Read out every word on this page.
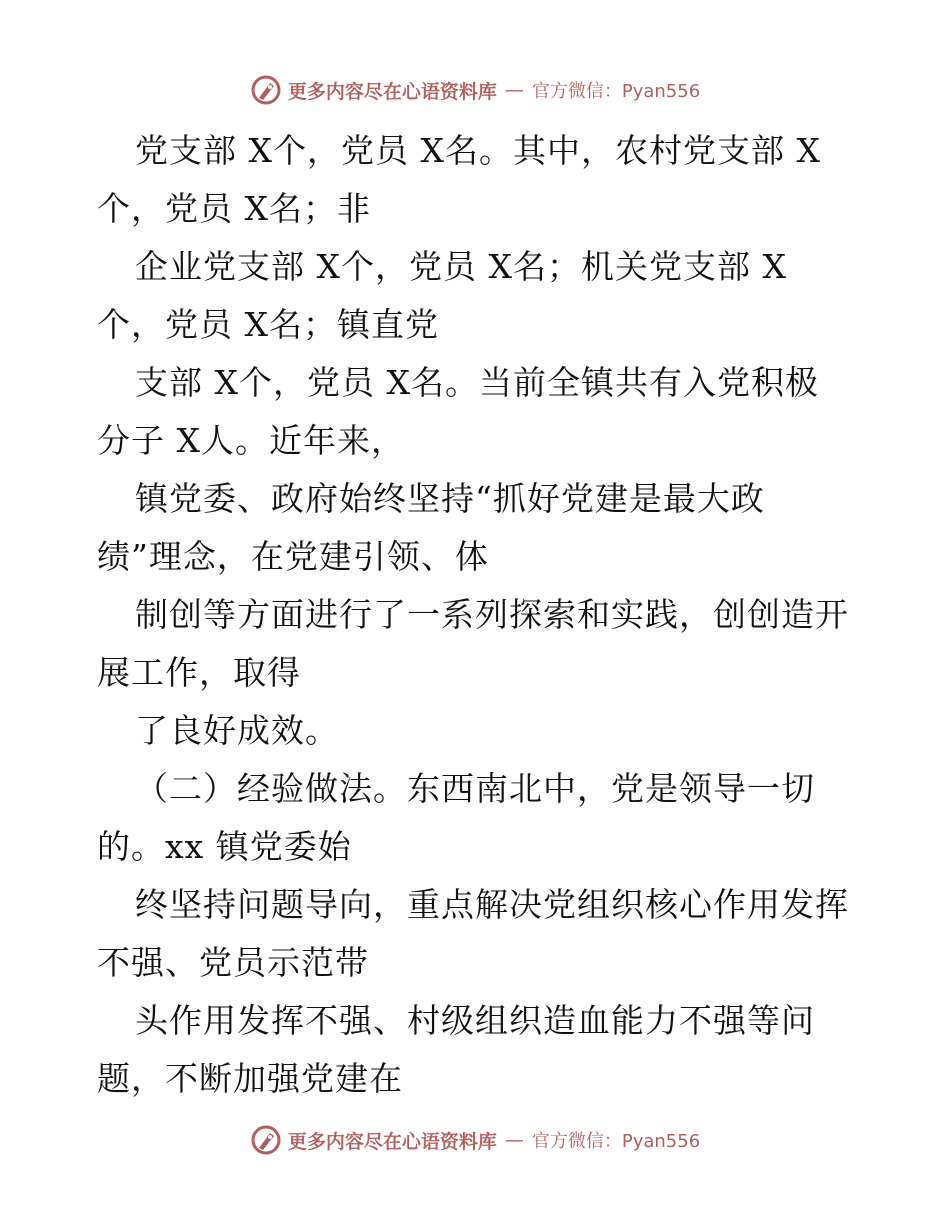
更多内容尽在心语资料库 — 官方微信：Pyan556
党支部 X个，党员 X名。其中，农村党支部 X
个，党员 X名；非
企业党支部 X个，党员 X名；机关党支部 X
个，党员 X名；镇直党
支部 X个，党员 X名。当前全镇共有入党积极
分子 X人。近年来，
镇党委、政府始终坚持“抓好党建是最大政
绩”理念，在党建引领、体
制创等方面进行了一系列探索和实践，创创造开
展工作，取得
了良好成效。
（二）经验做法。东西南北中，党是领导一切
的。xx 镇党委始
终坚持问题导向，重点解决党组织核心作用发挥
不强、党员示范带
头作用发挥不强、村级组织造血能力不强等问
题，不断加强党建在
更多内容尽在心语资料库 — 官方微信：Pyan556
